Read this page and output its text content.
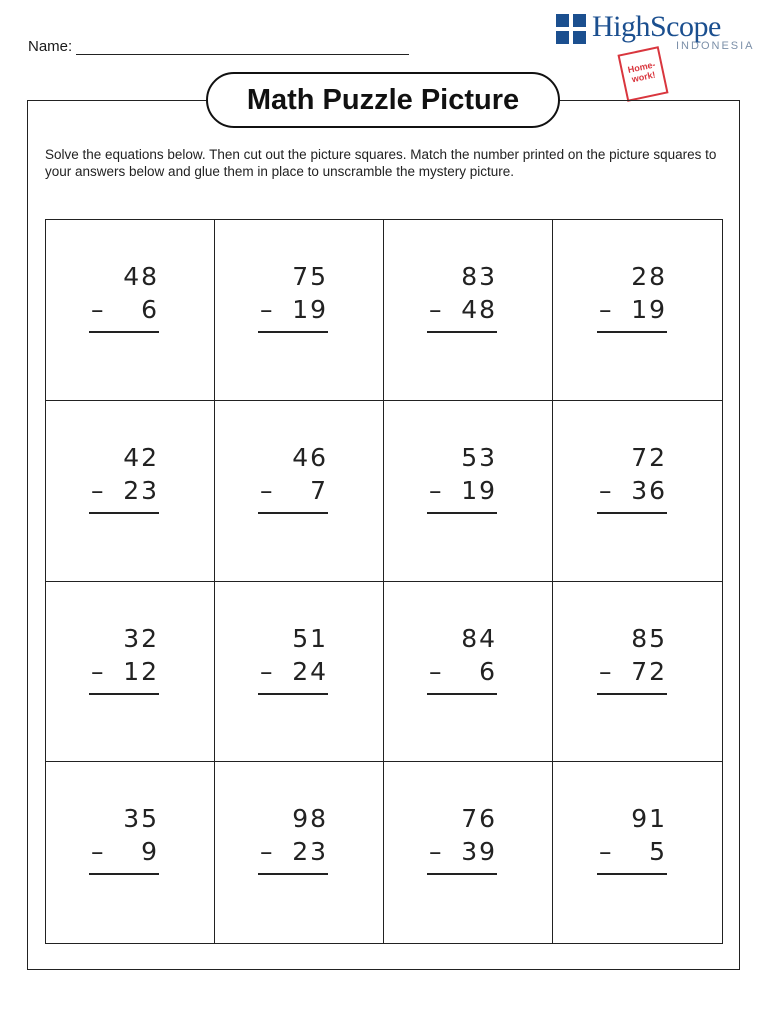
Name:
HighScope
INDONESIA
Home-work!
Math Puzzle Picture
Solve the equations below. Then cut out the picture squares. Match the number printed on the picture squares to your answers below and glue them in place to unscramble the mystery picture.
48
– 6
75
– 19
83
– 48
28
– 19
42
– 23
46
– 7
53
– 19
72
– 36
32
– 12
51
– 24
84
– 6
85
– 72
35
– 9
98
– 23
76
– 39
91
– 5
